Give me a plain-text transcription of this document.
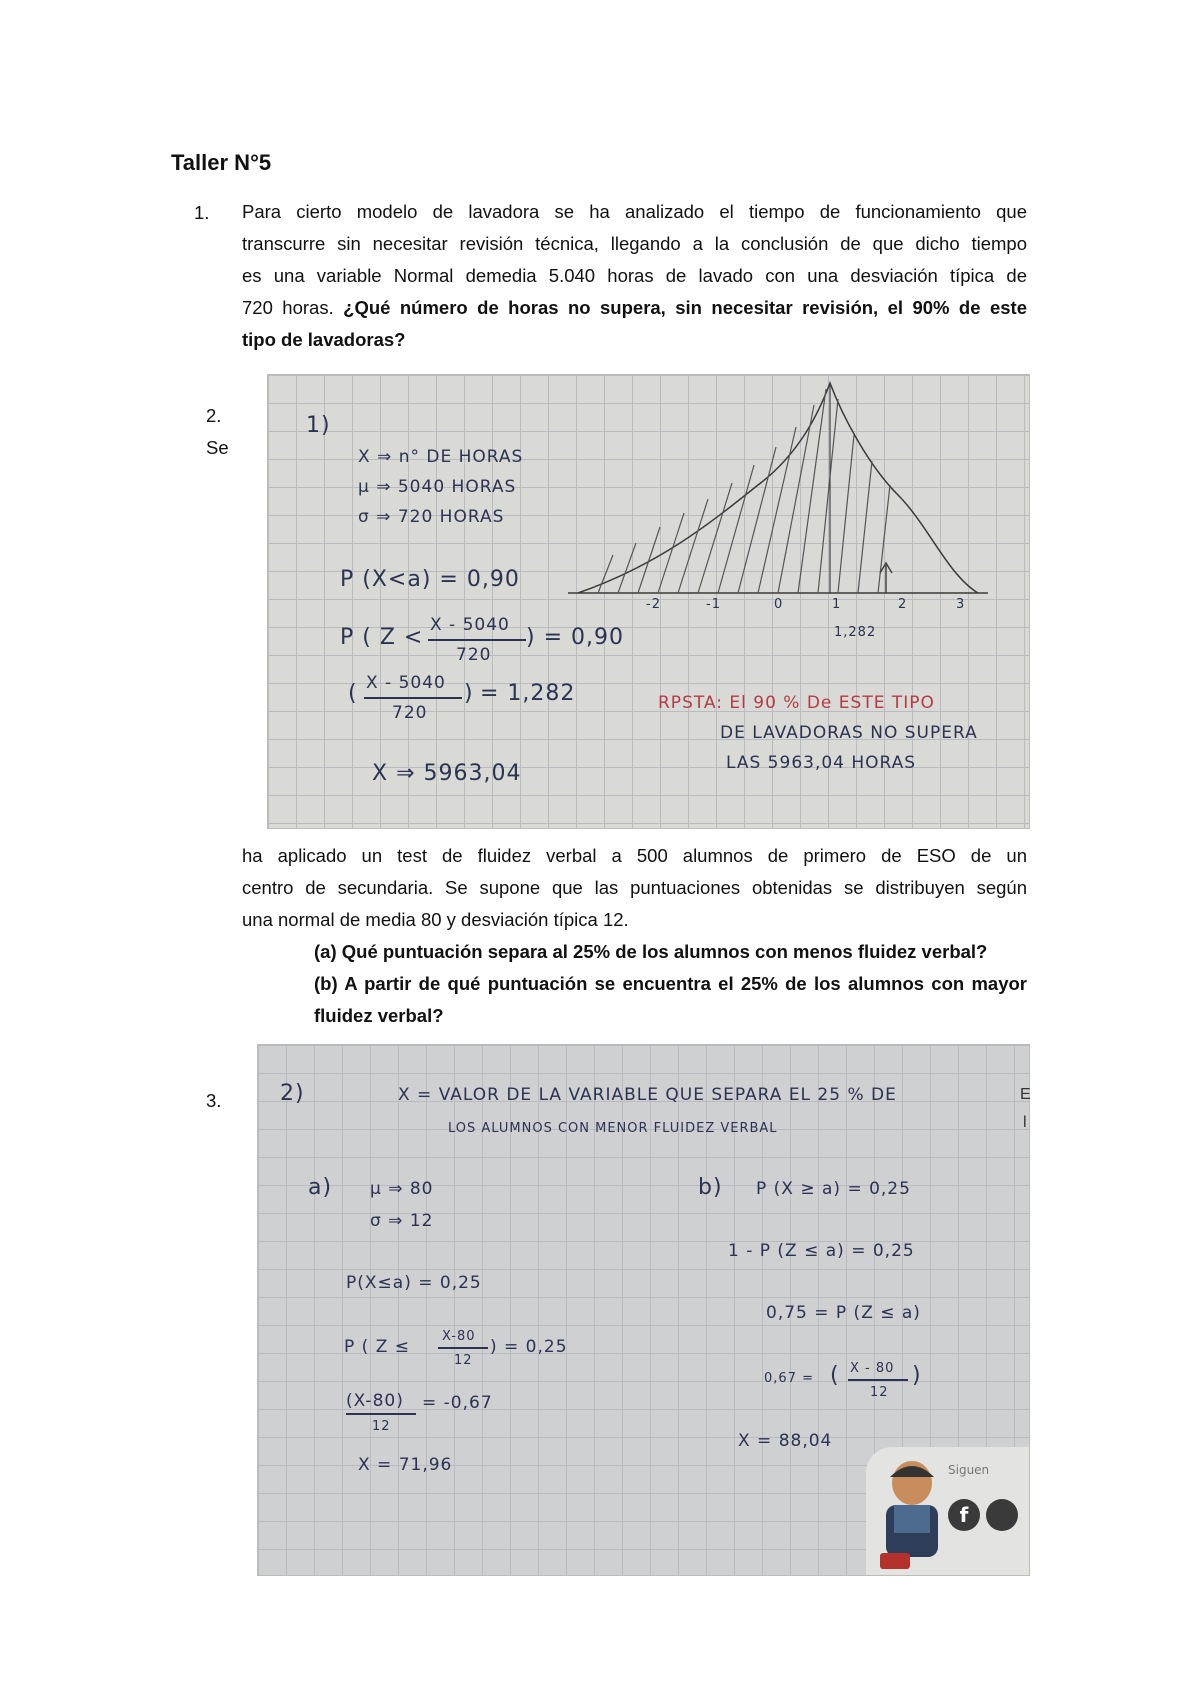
Taller N°5
1. Para cierto modelo de lavadora se ha analizado el tiempo de funcionamiento que
transcurre sin necesitar revisión técnica, llegando a la conclusión de que dicho tiempo
es una variable Normal demedia 5.040 horas de lavado con una desviación típica de
720 horas. ¿Qué número de horas no supera, sin necesitar revisión, el 90% de este
tipo de lavadoras?
2.
Se
1)
X ⇒ n° DE HORAS
μ ⇒ 5040 HORAS
σ ⇒ 720 HORAS
P (X<a) = 0,90
P ( Z < X - 5040
720
) = 0,90
( X - 5040
720
) = 1,282
X ⇒ 5963,04
-2	-1	0	1	2	3
1,282
RPSTA: El 90 % De ESTE TIPO
DE LAVADORAS NO SUPERA
LAS 5963,04 HORAS
ha aplicado un test de fluidez verbal a 500 alumnos de primero de ESO de un
centro de secundaria. Se supone que las puntuaciones obtenidas se distribuyen según
una normal de media 80 y desviación típica 12.
(a) Qué puntuación separa al 25% de los alumnos con menos fluidez verbal?
(b) A partir de qué puntuación se encuentra el 25% de los alumnos con mayor
fluidez verbal?
3.	2)	X = VALOR DE LA VARIABLE QUE SEPARA EL 25 % DE
LOS ALUMNOS CON MENOR FLUIDEZ VERBAL
a) μ ⇒ 80
σ ⇒ 12
P(X≤a) = 0,25
P ( Z ≤
X-80
12
) = 0,25
(X-80)
12
= -0,67
X = 71,96
b) P (X ≥ a) = 0,25
1 - P (Z ≤ a) = 0,25
0,75 = P (Z ≤ a)
0,67 = ( X - 80
12
)
X = 88,04
Siguen
f
E
l
